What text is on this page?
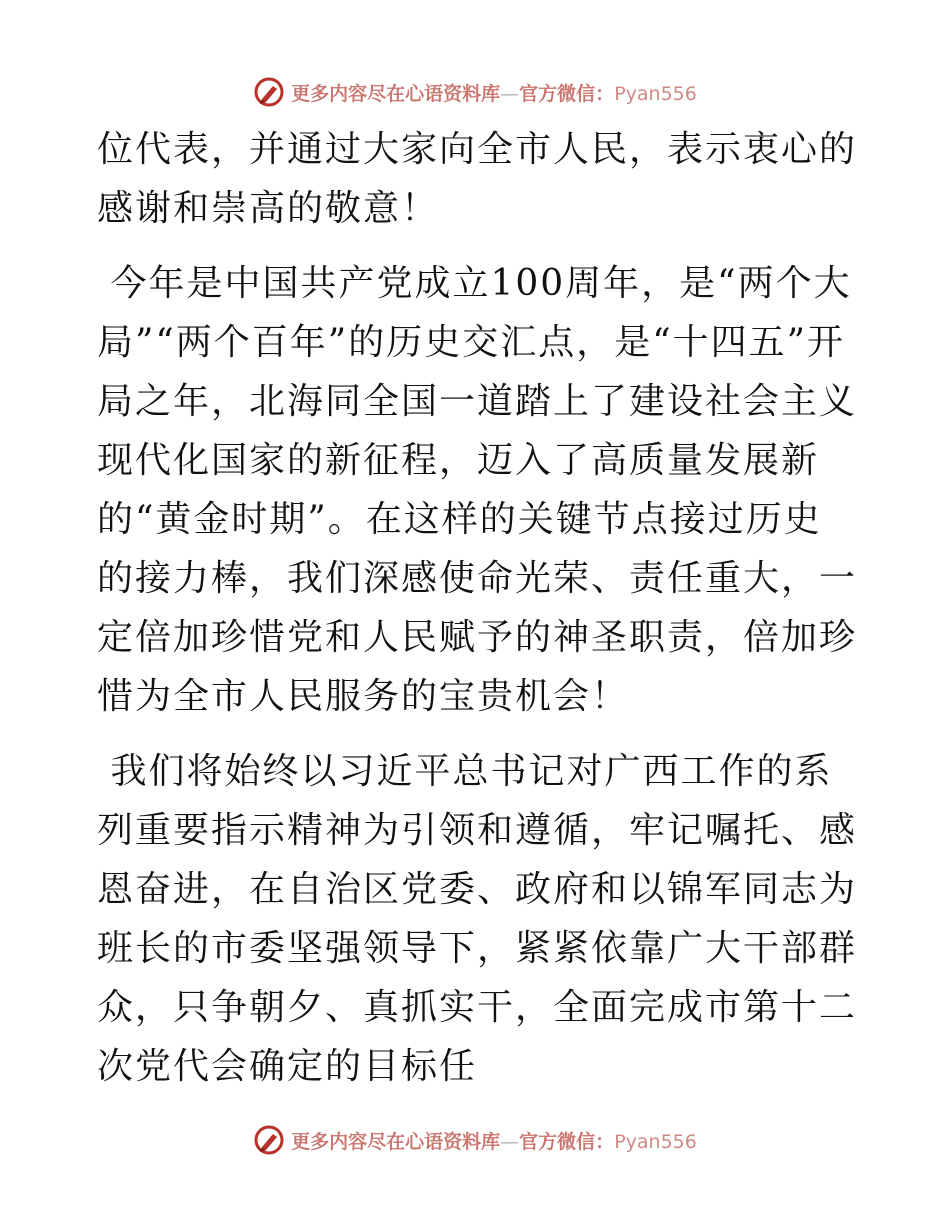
更多内容尽在心语资料库—官方微信：Pyan556

位代表，并通过大家向全市人民，表示衷心的感谢和崇高的敬意！

今年是中国共产党成立100周年，是“两个大局”“两个百年”的历史交汇点，是“十四五”开局之年，北海同全国一道踏上了建设社会主义现代化国家的新征程，迈入了高质量发展新的“黄金时期”。在这样的关键节点接过历史的接力棒，我们深感使命光荣、责任重大，一定倍加珍惜党和人民赋予的神圣职责，倍加珍惜为全市人民服务的宝贵机会！

我们将始终以习近平总书记对广西工作的系列重要指示精神为引领和遵循，牢记嘱托、感恩奋进，在自治区党委、政府和以锦军同志为班长的市委坚强领导下，紧紧依靠广大干部群众，只争朝夕、真抓实干，全面完成市第十二次党代会确定的目标任

更多内容尽在心语资料库—官方微信：Pyan556
